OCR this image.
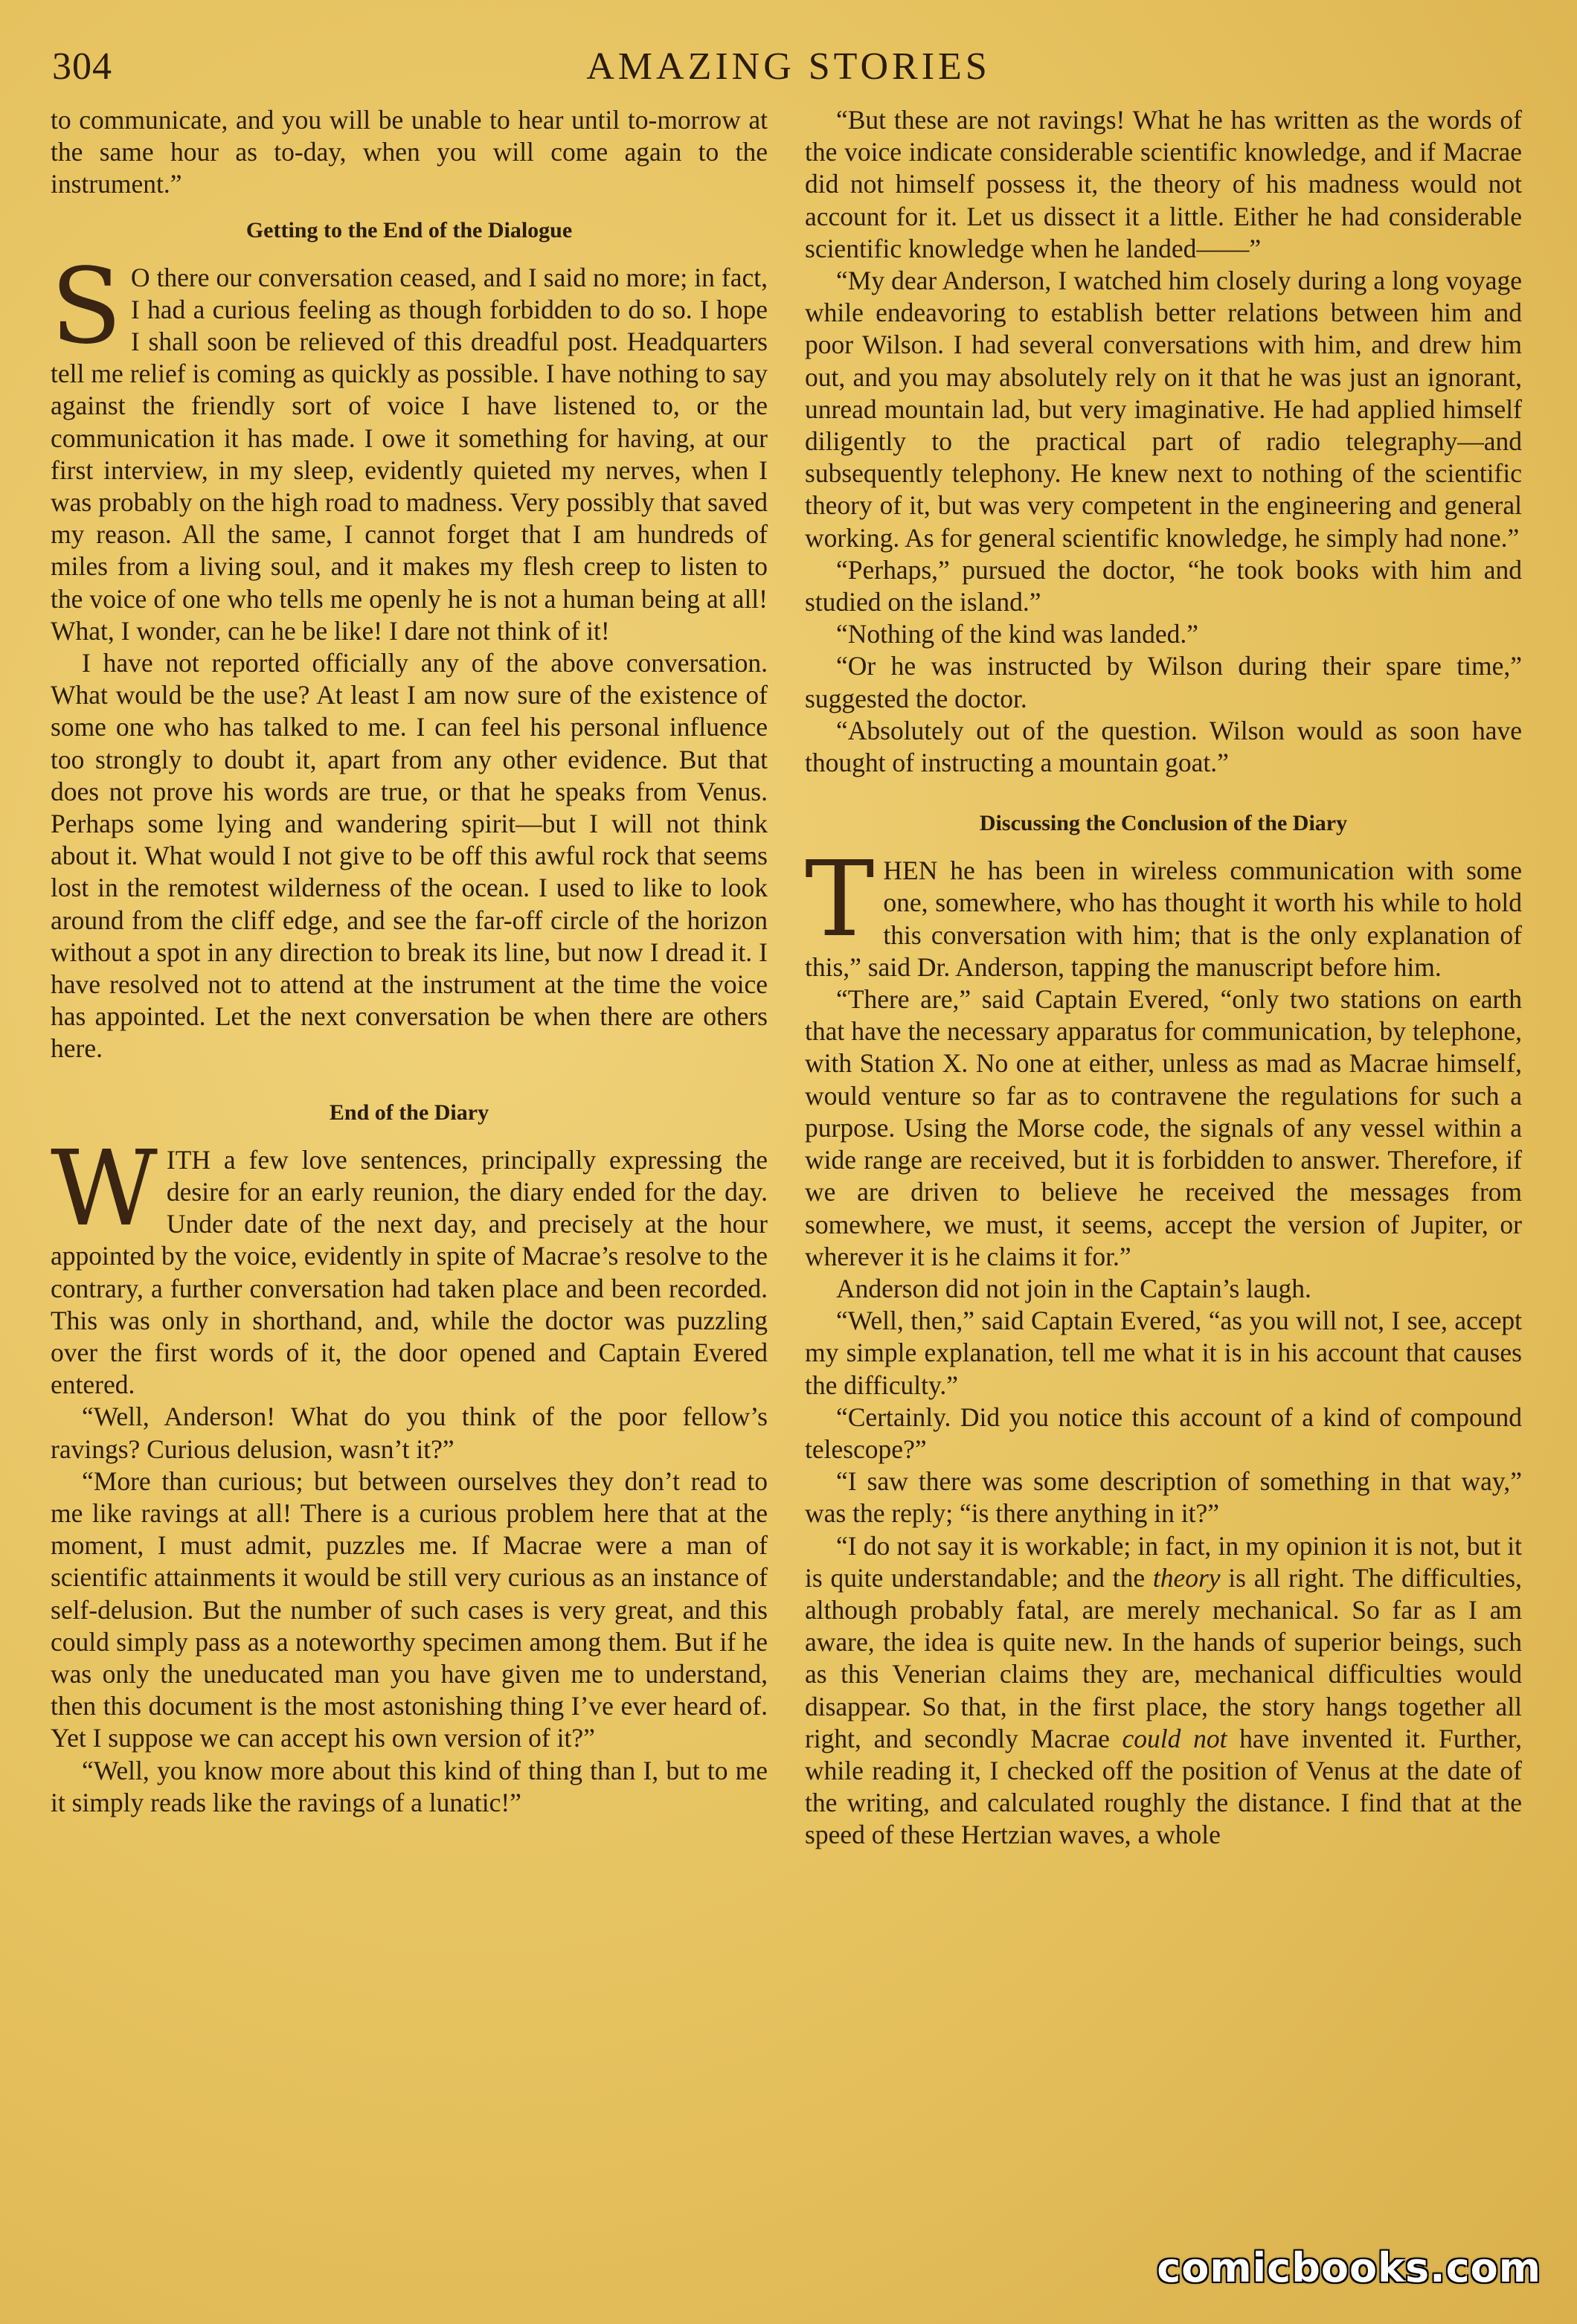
304	AMAZING STORIES

to communicate, and you will be unable to hear until to-morrow at the same hour as to-day, when you will come again to the instrument.”

Getting to the End of the Dialogue

S O there our conversation ceased, and I said no more; in fact, I had a curious feeling as though forbidden to do so. I hope I shall soon be relieved of this dreadful post. Headquarters tell me relief is coming as quickly as possible. I have nothing to say against the friendly sort of voice I have listened to, or the communication it has made. I owe it something for having, at our first interview, in my sleep, evidently quieted my nerves, when I was probably on the high road to madness. Very possibly that saved my reason. All the same, I cannot forget that I am hundreds of miles from a living soul, and it makes my flesh creep to listen to the voice of one who tells me openly he is not a human being at all! What, I wonder, can he be like! I dare not think of it!

I have not reported officially any of the above conversation. What would be the use? At least I am now sure of the existence of some one who has talked to me. I can feel his personal influence too strongly to doubt it, apart from any other evidence. But that does not prove his words are true, or that he speaks from Venus. Perhaps some lying and wandering spirit—but I will not think about it. What would I not give to be off this awful rock that seems lost in the remotest wilderness of the ocean. I used to like to look around from the cliff edge, and see the far-off circle of the horizon without a spot in any direction to break its line, but now I dread it. I have resolved not to attend at the instrument at the time the voice has appointed. Let the next conversation be when there are others here.

End of the Diary

WITH a few love sentences, principally expressing the desire for an early reunion, the diary ended for the day. Under date of the next day, and precisely at the hour appointed by the voice, evidently in spite of Macrae’s resolve to the contrary, a further conversation had taken place and been recorded. This was only in shorthand, and, while the doctor was puzzling over the first words of it, the door opened and Captain Evered entered.

“Well, Anderson! What do you think of the poor fellow’s ravings? Curious delusion, wasn’t it?”

“More than curious; but between ourselves they don’t read to me like ravings at all! There is a curious problem here that at the moment, I must admit, puzzles me. If Macrae were a man of scientific attainments it would be still very curious as an instance of self-delusion. But the number of such cases is very great, and this could simply pass as a noteworthy specimen among them. But if he was only the uneducated man you have given me to understand, then this document is the most astonishing thing I’ve ever heard of. Yet I suppose we can accept his own version of it?”

“Well, you know more about this kind of thing than I, but to me it simply reads like the ravings of a lunatic!”

“But these are not ravings! What he has written as the words of the voice indicate considerable scientific knowledge, and if Macrae did not himself possess it, the theory of his madness would not account for it. Let us dissect it a little. Either he had considerable scientific knowledge when he landed——”

“My dear Anderson, I watched him closely during a long voyage while endeavoring to establish better relations between him and poor Wilson. I had several conversations with him, and drew him out, and you may absolutely rely on it that he was just an ignorant, unread mountain lad, but very imaginative. He had applied himself diligently to the practical part of radio telegraphy—and subsequently telephony. He knew next to nothing of the scientific theory of it, but was very competent in the engineering and general working. As for general scientific knowledge, he simply had none.”

“Perhaps,” pursued the doctor, “he took books with him and studied on the island.”

“Nothing of the kind was landed.”

“Or he was instructed by Wilson during their spare time,” suggested the doctor.

“Absolutely out of the question. Wilson would as soon have thought of instructing a mountain goat.”

Discussing the Conclusion of the Diary

THEN he has been in wireless communication with some one, somewhere, who has thought it worth his while to hold this conversation with him; that is the only explanation of this,” said Dr. Anderson, tapping the manuscript before him.

“There are,” said Captain Evered, “only two stations on earth that have the necessary apparatus for communication, by telephone, with Station X. No one at either, unless as mad as Macrae himself, would venture so far as to contravene the regulations for such a purpose. Using the Morse code, the signals of any vessel within a wide range are received, but it is forbidden to answer. Therefore, if we are driven to believe he received the messages from somewhere, we must, it seems, accept the version of Jupiter, or wherever it is he claims it for.”

Anderson did not join in the Captain’s laugh.

“Well, then,” said Captain Evered, “as you will not, I see, accept my simple explanation, tell me what it is in his account that causes the difficulty.”

“Certainly. Did you notice this account of a kind of compound telescope?”

“I saw there was some description of something in that way,” was the reply; “is there anything in it?”

“I do not say it is workable; in fact, in my opinion it is not, but it is quite understandable; and the theory is all right. The difficulties, although probably fatal, are merely mechanical. So far as I am aware, the idea is quite new. In the hands of superior beings, such as this Venerian claims they are, mechanical difficulties would disappear. So that, in the first place, the story hangs together all right, and secondly Macrae could not have invented it. Further, while reading it, I checked off the position of Venus at the date of the writing, and calculated roughly the distance. I find that at the speed of these Hertzian waves, a whole

comicbooks.com
